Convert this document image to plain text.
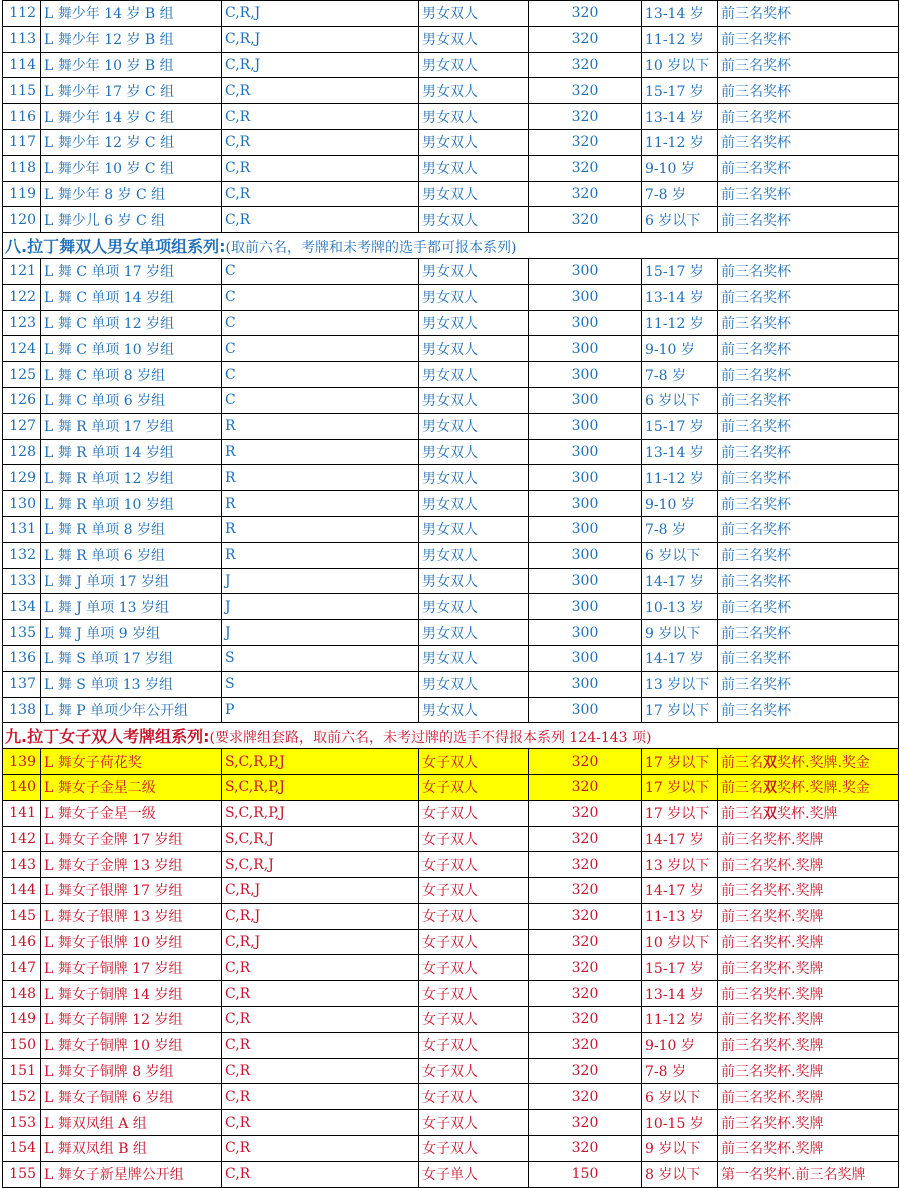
112	L 舞少年 14 岁 B 组	C,R,J	男女双人	320	13-14 岁	前三名奖杯
113	L 舞少年 12 岁 B 组	C,R,J	男女双人	320	11-12 岁	前三名奖杯
114	L 舞少年 10 岁 B 组	C,R,J	男女双人	320	10 岁以下	前三名奖杯
115	L 舞少年 17 岁 C 组	C,R	男女双人	320	15-17 岁	前三名奖杯
116	L 舞少年 14 岁 C 组	C,R	男女双人	320	13-14 岁	前三名奖杯
117	L 舞少年 12 岁 C 组	C,R	男女双人	320	11-12 岁	前三名奖杯
118	L 舞少年 10 岁 C 组	C,R	男女双人	320	9-10 岁	前三名奖杯
119	L 舞少年 8 岁 C 组	C,R	男女双人	320	7-8 岁	前三名奖杯
120	L 舞少儿 6 岁 C 组	C,R	男女双人	320	6 岁以下	前三名奖杯
八.拉丁舞双人男女单项组系列:(取前六名，考牌和未考牌的选手都可报本系列)						
121	L 舞 C 单项 17 岁组	C	男女双人	300	15-17 岁	前三名奖杯
122	L 舞 C 单项 14 岁组	C	男女双人	300	13-14 岁	前三名奖杯
123	L 舞 C 单项 12 岁组	C	男女双人	300	11-12 岁	前三名奖杯
124	L 舞 C 单项 10 岁组	C	男女双人	300	9-10 岁	前三名奖杯
125	L 舞 C 单项 8 岁组	C	男女双人	300	7-8 岁	前三名奖杯
126	L 舞 C 单项 6 岁组	C	男女双人	300	6 岁以下	前三名奖杯
127	L 舞 R 单项 17 岁组	R	男女双人	300	15-17 岁	前三名奖杯
128	L 舞 R 单项 14 岁组	R	男女双人	300	13-14 岁	前三名奖杯
129	L 舞 R 单项 12 岁组	R	男女双人	300	11-12 岁	前三名奖杯
130	L 舞 R 单项 10 岁组	R	男女双人	300	9-10 岁	前三名奖杯
131	L 舞 R 单项 8 岁组	R	男女双人	300	7-8 岁	前三名奖杯
132	L 舞 R 单项 6 岁组	R	男女双人	300	6 岁以下	前三名奖杯
133	L 舞 J 单项 17 岁组	J	男女双人	300	14-17 岁	前三名奖杯
134	L 舞 J 单项 13 岁组	J	男女双人	300	10-13 岁	前三名奖杯
135	L 舞 J 单项 9 岁组	J	男女双人	300	9 岁以下	前三名奖杯
136	L 舞 S 单项 17 岁组	S	男女双人	300	14-17 岁	前三名奖杯
137	L 舞 S 单项 13 岁组	S	男女双人	300	13 岁以下	前三名奖杯
138	L 舞 P 单项少年公开组	P	男女双人	300	17 岁以下	前三名奖杯
九.拉丁女子双人考牌组系列:(要求牌组套路，取前六名，未考过牌的选手不得报本系列 124-143 项)						
139	L 舞女子荷花奖	S,C,R,P,J	女子双人	320	17 岁以下	前三名双奖杯.奖牌.奖金
140	L 舞女子金星二级	S,C,R,P,J	女子双人	320	17 岁以下	前三名双奖杯.奖牌.奖金
141	L 舞女子金星一级	S,C,R,P,J	女子双人	320	17 岁以下	前三名双奖杯.奖牌
142	L 舞女子金牌 17 岁组	S,C,R,J	女子双人	320	14-17 岁	前三名奖杯.奖牌
143	L 舞女子金牌 13 岁组	S,C,R,J	女子双人	320	13 岁以下	前三名奖杯.奖牌
144	L 舞女子银牌 17 岁组	C,R,J	女子双人	320	14-17 岁	前三名奖杯.奖牌
145	L 舞女子银牌 13 岁组	C,R,J	女子双人	320	11-13 岁	前三名奖杯.奖牌
146	L 舞女子银牌 10 岁组	C,R,J	女子双人	320	10 岁以下	前三名奖杯.奖牌
147	L 舞女子铜牌 17 岁组	C,R	女子双人	320	15-17 岁	前三名奖杯.奖牌
148	L 舞女子铜牌 14 岁组	C,R	女子双人	320	13-14 岁	前三名奖杯.奖牌
149	L 舞女子铜牌 12 岁组	C,R	女子双人	320	11-12 岁	前三名奖杯.奖牌
150	L 舞女子铜牌 10 岁组	C,R	女子双人	320	9-10 岁	前三名奖杯.奖牌
151	L 舞女子铜牌 8 岁组	C,R	女子双人	320	7-8 岁	前三名奖杯.奖牌
152	L 舞女子铜牌 6 岁组	C,R	女子双人	320	6 岁以下	前三名奖杯.奖牌
153	L 舞双凤组 A 组	C,R	女子双人	320	10-15 岁	前三名奖杯.奖牌
154	L 舞双凤组 B 组	C,R	女子双人	320	9 岁以下	前三名奖杯.奖牌
155	L 舞女子新星牌公开组	C,R	女子单人	150	8 岁以下	第一名奖杯.前三名奖牌
